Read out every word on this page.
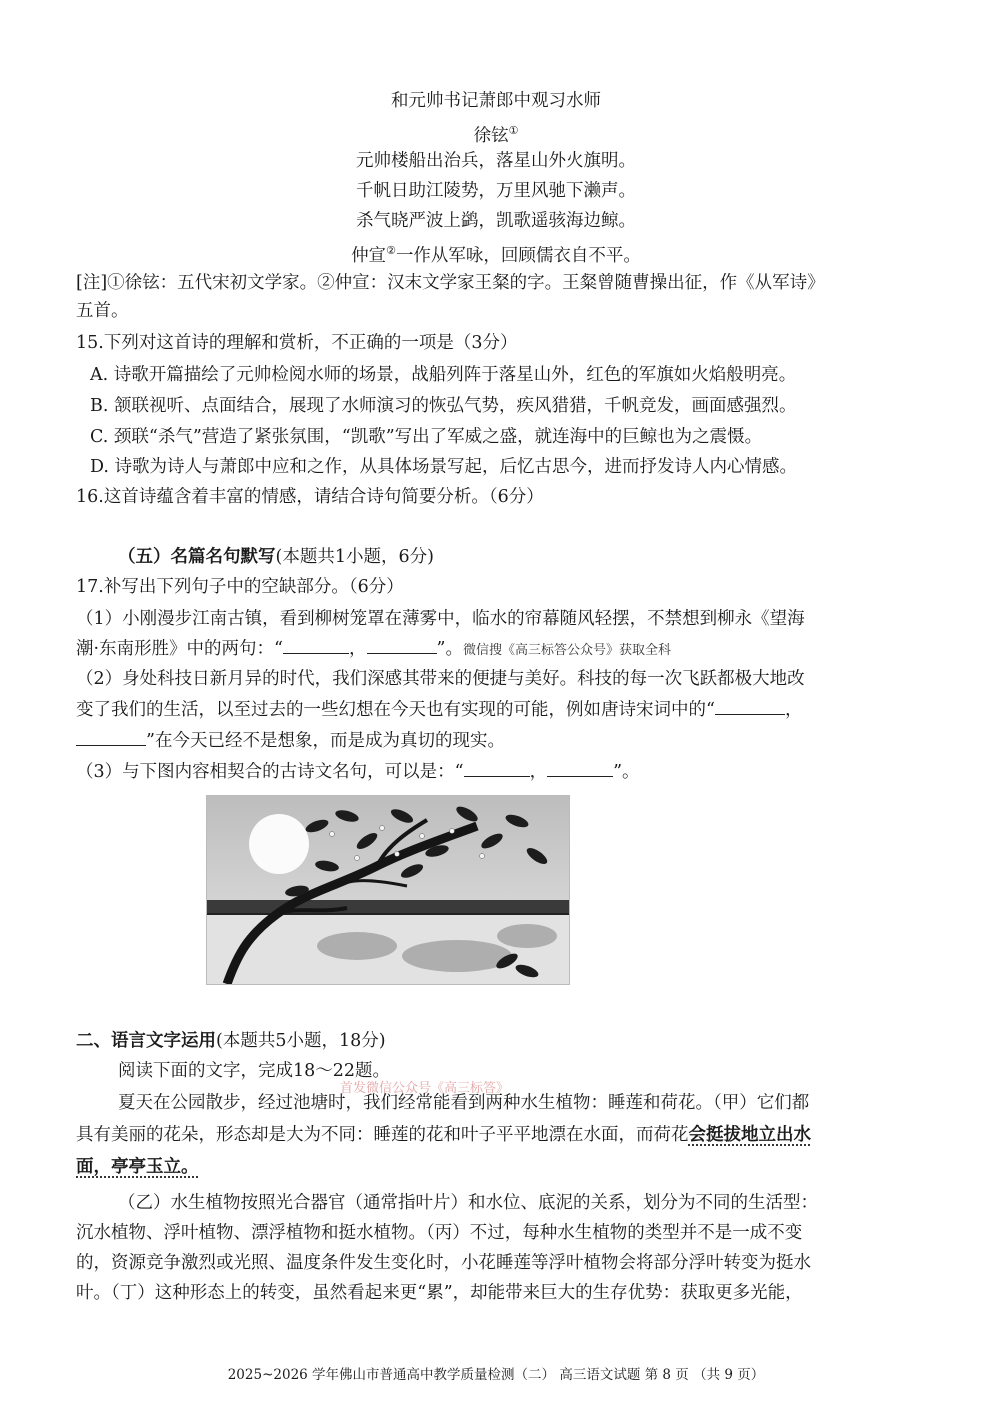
和元帅书记萧郎中观习水师
徐铉①
元帅楼船出治兵，落星山外火旗明。
千帆日助江陵势，万里风驰下濑声。
杀气晓严波上鹢，凯歌遥骇海边鲸。
仲宣②一作从军咏，回顾儒衣自不平。
[注]①徐铉：五代宋初文学家。②仲宣：汉末文学家王粲的字。王粲曾随曹操出征，作《从军诗》
五首。
15.下列对这首诗的理解和赏析，不正确的一项是（3分）
A. 诗歌开篇描绘了元帅检阅水师的场景，战船列阵于落星山外，红色的军旗如火焰般明亮。
B. 颔联视听、点面结合，展现了水师演习的恢弘气势，疾风猎猎，千帆竞发，画面感强烈。
C. 颈联“杀气”营造了紧张氛围，“凯歌”写出了军威之盛，就连海中的巨鲸也为之震慑。
D. 诗歌为诗人与萧郎中应和之作，从具体场景写起，后忆古思今，进而抒发诗人内心情感。
16.这首诗蕴含着丰富的情感，请结合诗句简要分析。（6分）
（五）名篇名句默写(本题共1小题，6分)
17.补写出下列句子中的空缺部分。（6分）
（1）小刚漫步江南古镇，看到柳树笼罩在薄雾中，临水的帘幕随风轻摆，不禁想到柳永《望海
潮·东南形胜》中的两句：“	，	”。微信搜《高三标答公众号》获取全科
（2）身处科技日新月异的时代，我们深感其带来的便捷与美好。科技的每一次飞跃都极大地改
变了我们的生活，以至过去的一些幻想在今天也有实现的可能，例如唐诗宋词中的“	，
”在今天已经不是想象，而是成为真切的现实。
（3）与下图内容相契合的古诗文名句，可以是：“	，	”。
二、语言文字运用(本题共5小题，18分)
阅读下面的文字，完成18～22题。
首发微信公众号《高三标答》
夏天在公园散步，经过池塘时，我们经常能看到两种水生植物：睡莲和荷花。（甲）它们都
具有美丽的花朵，形态却是大为不同：睡莲的花和叶子平平地漂在水面，而荷花会挺拔地立出水
面，亭亭玉立。
（乙）水生植物按照光合器官（通常指叶片）和水位、底泥的关系，划分为不同的生活型：
沉水植物、浮叶植物、漂浮植物和挺水植物。（丙）不过，每种水生植物的类型并不是一成不变
的，资源竞争激烈或光照、温度条件发生变化时，小花睡莲等浮叶植物会将部分浮叶转变为挺水
叶。（丁）这种形态上的转变，虽然看起来更“累”，却能带来巨大的生存优势：获取更多光能，
2025~2026 学年佛山市普通高中教学质量检测（二） 高三语文试题 第 8 页 （共 9 页）
